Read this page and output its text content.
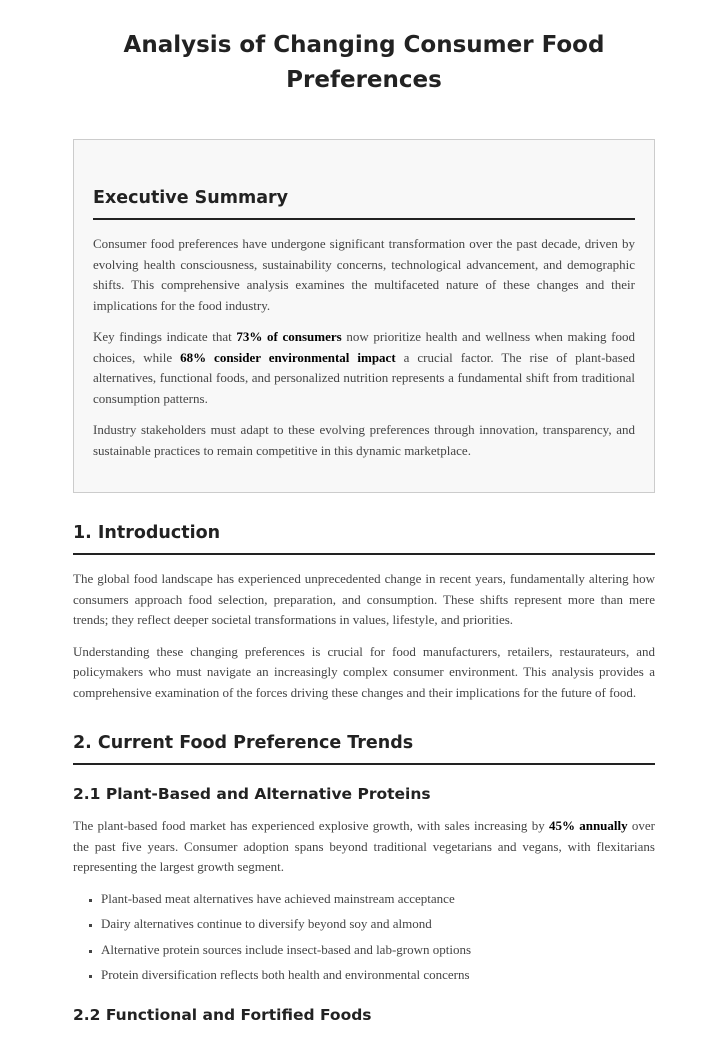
Analysis of Changing Consumer Food Preferences
Executive Summary

Consumer food preferences have undergone significant transformation over the past decade, driven by evolving health consciousness, sustainability concerns, technological advancement, and demographic shifts. This comprehensive analysis examines the multifaceted nature of these changes and their implications for the food industry.

Key findings indicate that 73% of consumers now prioritize health and wellness when making food choices, while 68% consider environmental impact a crucial factor. The rise of plant-based alternatives, functional foods, and personalized nutrition represents a fundamental shift from traditional consumption patterns.

Industry stakeholders must adapt to these evolving preferences through innovation, transparency, and sustainable practices to remain competitive in this dynamic marketplace.

1. Introduction

The global food landscape has experienced unprecedented change in recent years, fundamentally altering how consumers approach food selection, preparation, and consumption. These shifts represent more than mere trends; they reflect deeper societal transformations in values, lifestyle, and priorities.

Understanding these changing preferences is crucial for food manufacturers, retailers, restaurateurs, and policymakers who must navigate an increasingly complex consumer environment. This analysis provides a comprehensive examination of the forces driving these changes and their implications for the future of food.

2. Current Food Preference Trends
2.1 Plant-Based and Alternative Proteins

The plant-based food market has experienced explosive growth, with sales increasing by 45% annually over the past five years. Consumer adoption spans beyond traditional vegetarians and vegans, with flexitarians representing the largest growth segment.

▪ Plant-based meat alternatives have achieved mainstream acceptance
▪ Dairy alternatives continue to diversify beyond soy and almond
▪ Alternative protein sources include insect-based and lab-grown options
▪ Protein diversification reflects both health and environmental concerns
2.2 Functional and Fortified Foods
